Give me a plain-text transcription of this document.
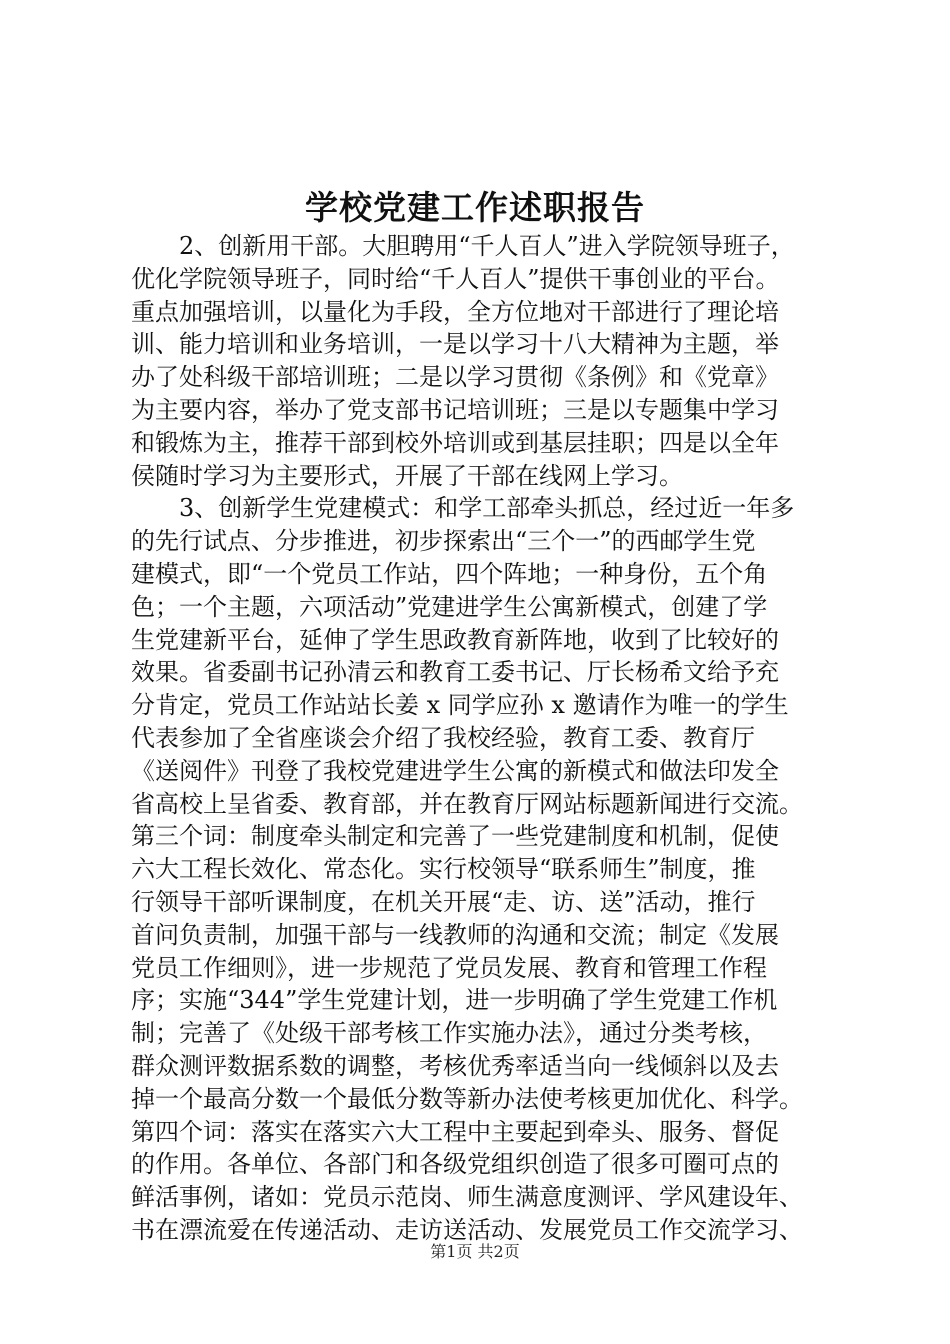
学校党建工作述职报告
　　2、创新用干部。大胆聘用“千人百人”进入学院领导班子，
优化学院领导班子，同时给“千人百人”提供干事创业的平台。
重点加强培训，以量化为手段，全方位地对干部进行了理论培
训、能力培训和业务培训，一是以学习十八大精神为主题，举
办了处科级干部培训班；二是以学习贯彻《条例》和《党章》
为主要内容，举办了党支部书记培训班；三是以专题集中学习
和锻炼为主，推荐干部到校外培训或到基层挂职；四是以全年
侯随时学习为主要形式，开展了干部在线网上学习。
　　3、创新学生党建模式：和学工部牵头抓总，经过近一年多
的先行试点、分步推进，初步探索出“三个一”的西邮学生党
建模式，即“一个党员工作站，四个阵地；一种身份，五个角
色；一个主题，六项活动”党建进学生公寓新模式，创建了学
生党建新平台，延伸了学生思政教育新阵地，收到了比较好的
效果。省委副书记孙清云和教育工委书记、厅长杨希文给予充
分肯定，党员工作站站长姜 x 同学应孙 x 邀请作为唯一的学生
代表参加了全省座谈会介绍了我校经验，教育工委、教育厅
《送阅件》刊登了我校党建进学生公寓的新模式和做法印发全
省高校上呈省委、教育部，并在教育厅网站标题新闻进行交流。
第三个词：制度牵头制定和完善了一些党建制度和机制，促使
六大工程长效化、常态化。实行校领导“联系师生”制度，推
行领导干部听课制度，在机关开展“走、访、送”活动，推行
首问负责制，加强干部与一线教师的沟通和交流；制定《发展
党员工作细则》，进一步规范了党员发展、教育和管理工作程
序；实施“344”学生党建计划，进一步明确了学生党建工作机
制；完善了《处级干部考核工作实施办法》，通过分类考核，
群众测评数据系数的调整，考核优秀率适当向一线倾斜以及去
掉一个最高分数一个最低分数等新办法使考核更加优化、科学。
第四个词：落实在落实六大工程中主要起到牵头、服务、督促
的作用。各单位、各部门和各级党组织创造了很多可圈可点的
鲜活事例，诸如：党员示范岗、师生满意度测评、学风建设年、
书在漂流爱在传递活动、走访送活动、发展党员工作交流学习、
第1页 共2页
